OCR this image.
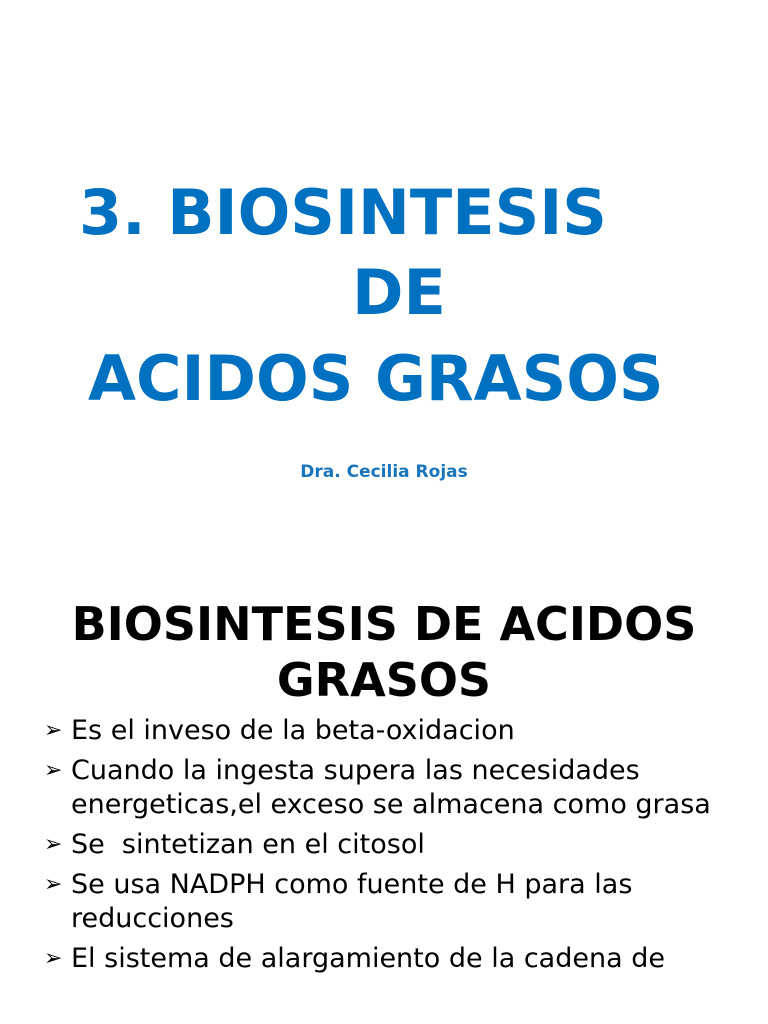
3. BIOSINTESIS
DE
ACIDOS GRASOS
Dra. Cecilia Rojas
BIOSINTESIS DE ACIDOS
GRASOS
➢ Es el inveso de la beta-oxidacion
➢ Cuando la ingesta supera las necesidades energeticas,el exceso se almacena como grasa
➢ Se  sintetizan en el citosol
➢ Se usa NADPH como fuente de H para las reducciones
➢ El sistema de alargamiento de la cadena de
